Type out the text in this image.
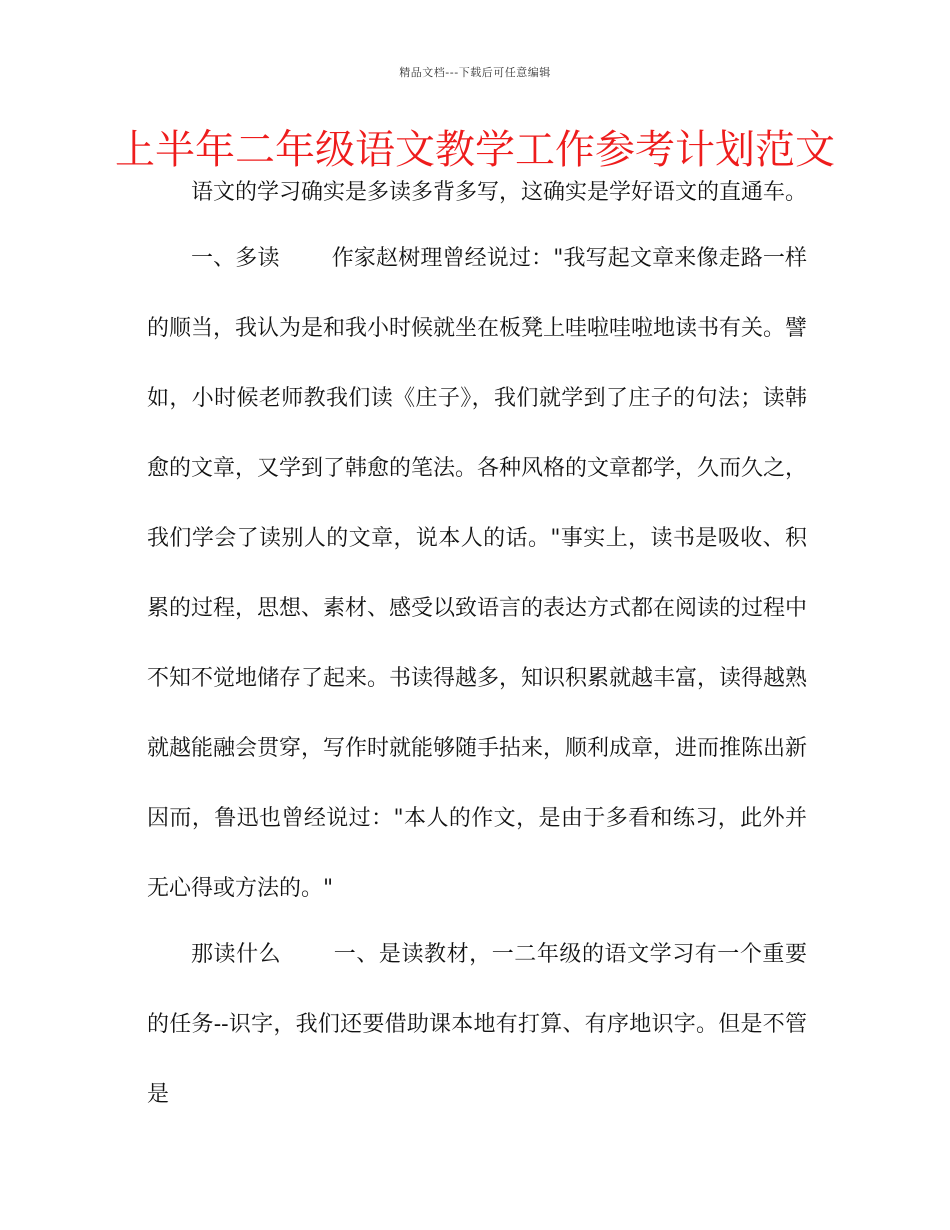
精品文档---下载后可任意编辑
上半年二年级语文教学工作参考计划范文

语文的学习确实是多读多背多写，这确实是学好语文的直通车。

一、多读 作家赵树理曾经说过："我写起文章来像走路一样的顺当，我认为是和我小时候就坐在板凳上哇啦哇啦地读书有关。譬如，小时候老师教我们读《庄子》，我们就学到了庄子的句法；读韩愈的文章，又学到了韩愈的笔法。各种风格的文章都学，久而久之，我们学会了读别人的文章，说本人的话。"事实上，读书是吸收、积累的过程，思想、素材、感受以致语言的表达方式都在阅读的过程中不知不觉地储存了起来。书读得越多，知识积累就越丰富，读得越熟就越能融会贯穿，写作时就能够随手拈来，顺利成章，进而推陈出新因而，鲁迅也曾经说过："本人的作文，是由于多看和练习，此外并无心得或方法的。"

那读什么 一、是读教材，一二年级的语文学习有一个重要的任务--识字，我们还要借助课本地有打算、有序地识字。但是不管是
